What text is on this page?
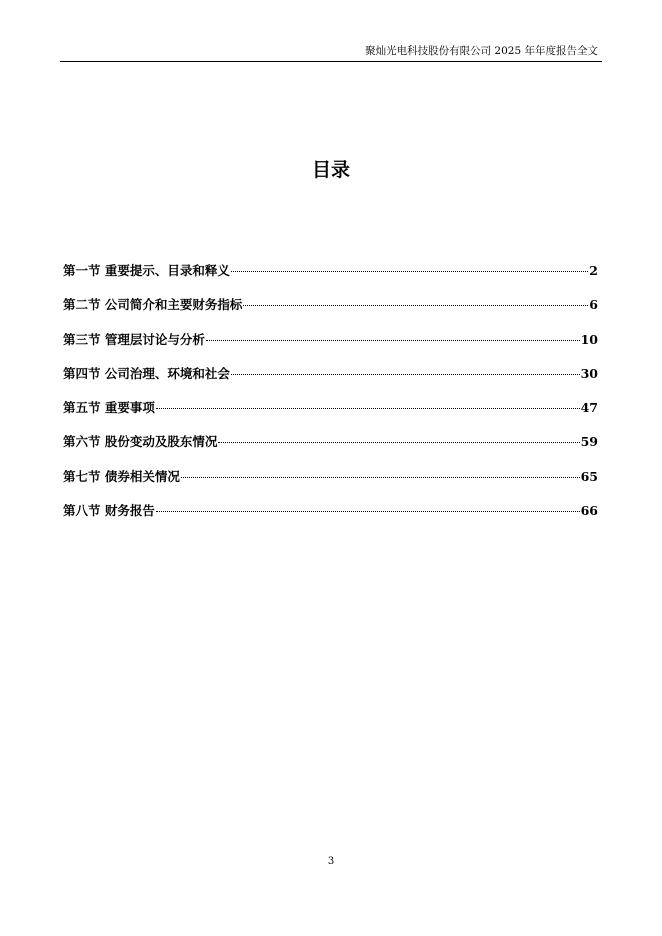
聚灿光电科技股份有限公司 2025 年年度报告全文
目录
第一节 重要提示、目录和释义	2
第二节 公司简介和主要财务指标	6
第三节 管理层讨论与分析	10
第四节 公司治理、环境和社会	30
第五节 重要事项	47
第六节 股份变动及股东情况	59
第七节 债券相关情况	65
第八节 财务报告	66
3
